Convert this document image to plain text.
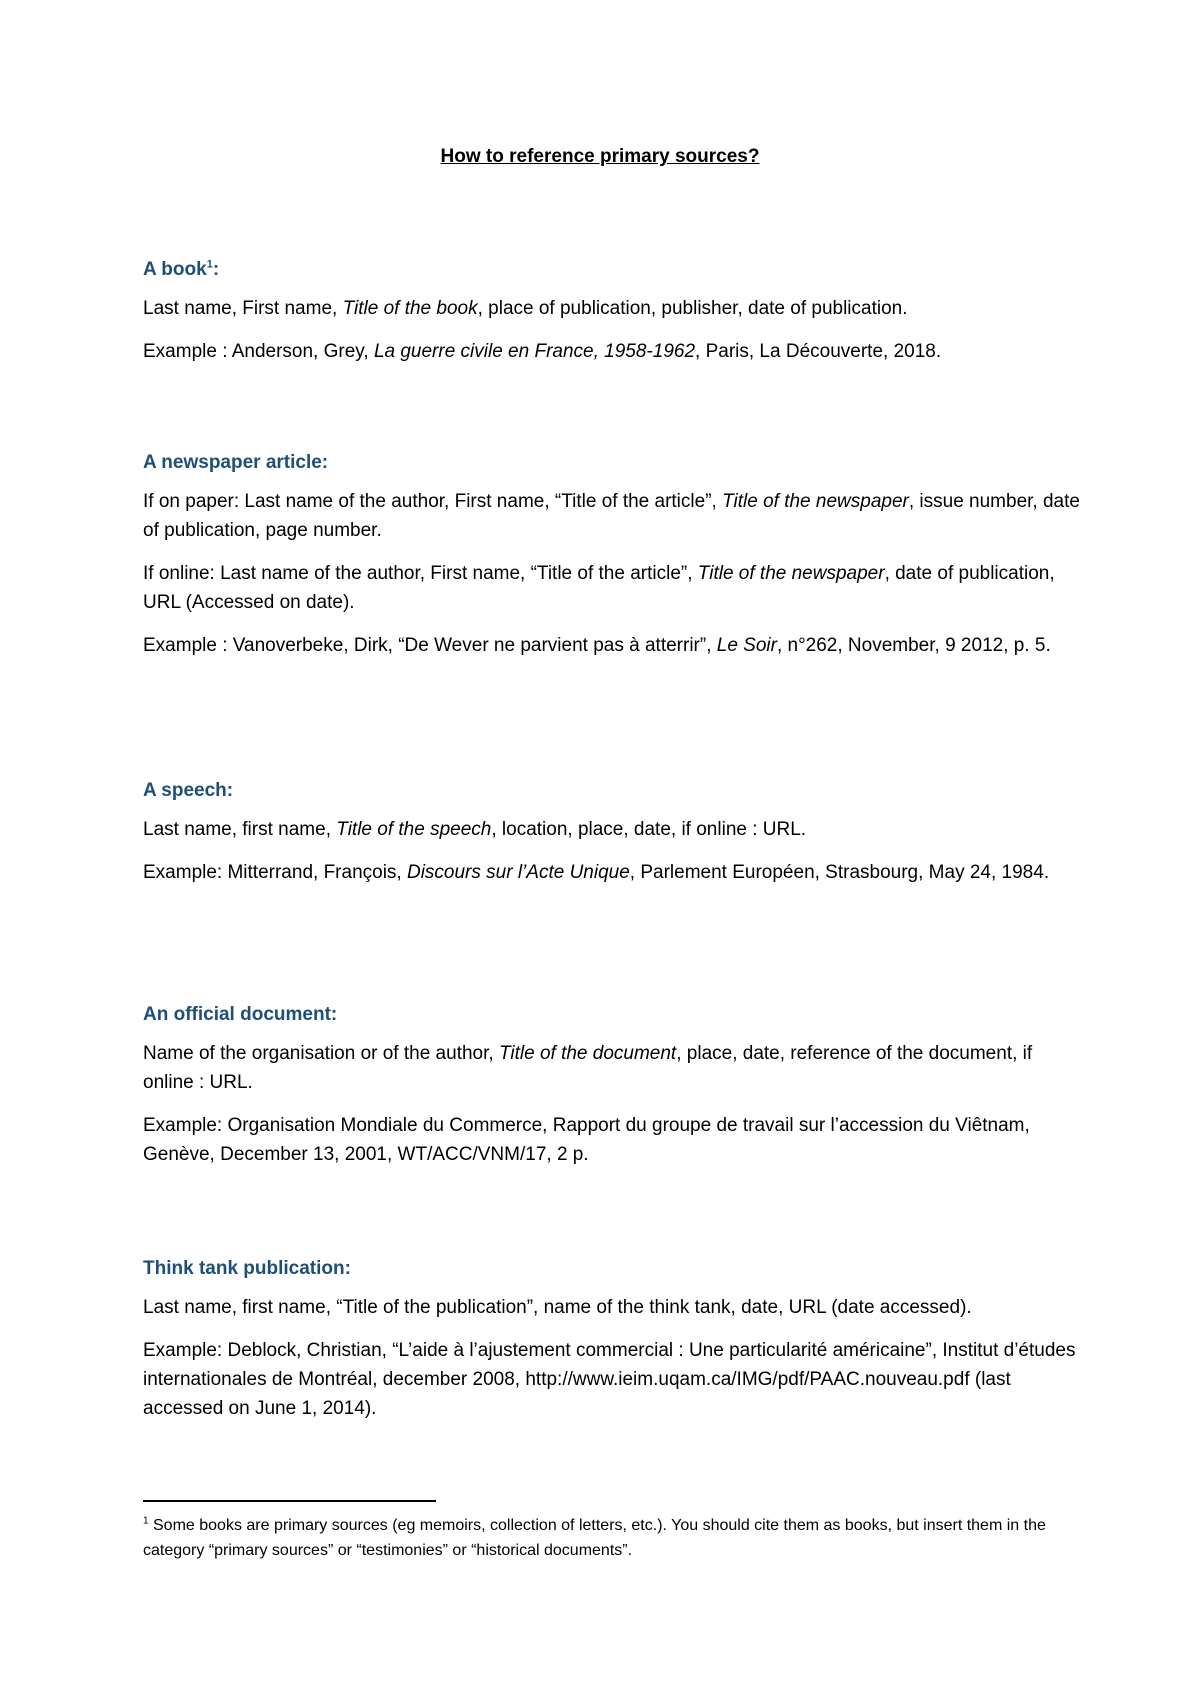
How to reference primary sources?
A book$^1$:

Last name, First name, Title of the book, place of publication, publisher, date of publication.

Example : Anderson, Grey, La guerre civile en France, 1958-1962, Paris, La Découverte, 2018.

A newspaper article:

If on paper: Last name of the author, First name, “Title of the article”, Title of the newspaper, issue number, date of publication, page number.

If online: Last name of the author, First name, “Title of the article”, Title of the newspaper, date of publication, URL (Accessed on date).

Example : Vanoverbeke, Dirk, “De Wever ne parvient pas à atterrir”, Le Soir, n°262, November, 9 2012, p. 5.

A speech:

Last name, first name, Title of the speech, location, place, date, if online : URL.

Example: Mitterrand, François, Discours sur l’Acte Unique, Parlement Européen, Strasbourg, May 24, 1984.

An official document:

Name of the organisation or of the author, Title of the document, place, date, reference of the document, if online : URL.

Example: Organisation Mondiale du Commerce, Rapport du groupe de travail sur l’accession du Viêtnam, Genève, December 13, 2001, WT/ACC/VNM/17, 2 p.

Think tank publication:

Last name, first name, “Title of the publication”, name of the think tank, date, URL (date accessed).

Example: Deblock, Christian, “L’aide à l’ajustement commercial : Une particularité américaine”, Institut d’études internationales de Montréal, december 2008, http://www.ieim.uqam.ca/IMG/pdf/PAAC.nouveau.pdf (last accessed on June 1, 2014).

$^1$ Some books are primary sources (eg memoirs, collection of letters, etc.). You should cite them as books, but insert them in the category “primary sources” or “testimonies” or “historical documents”.
